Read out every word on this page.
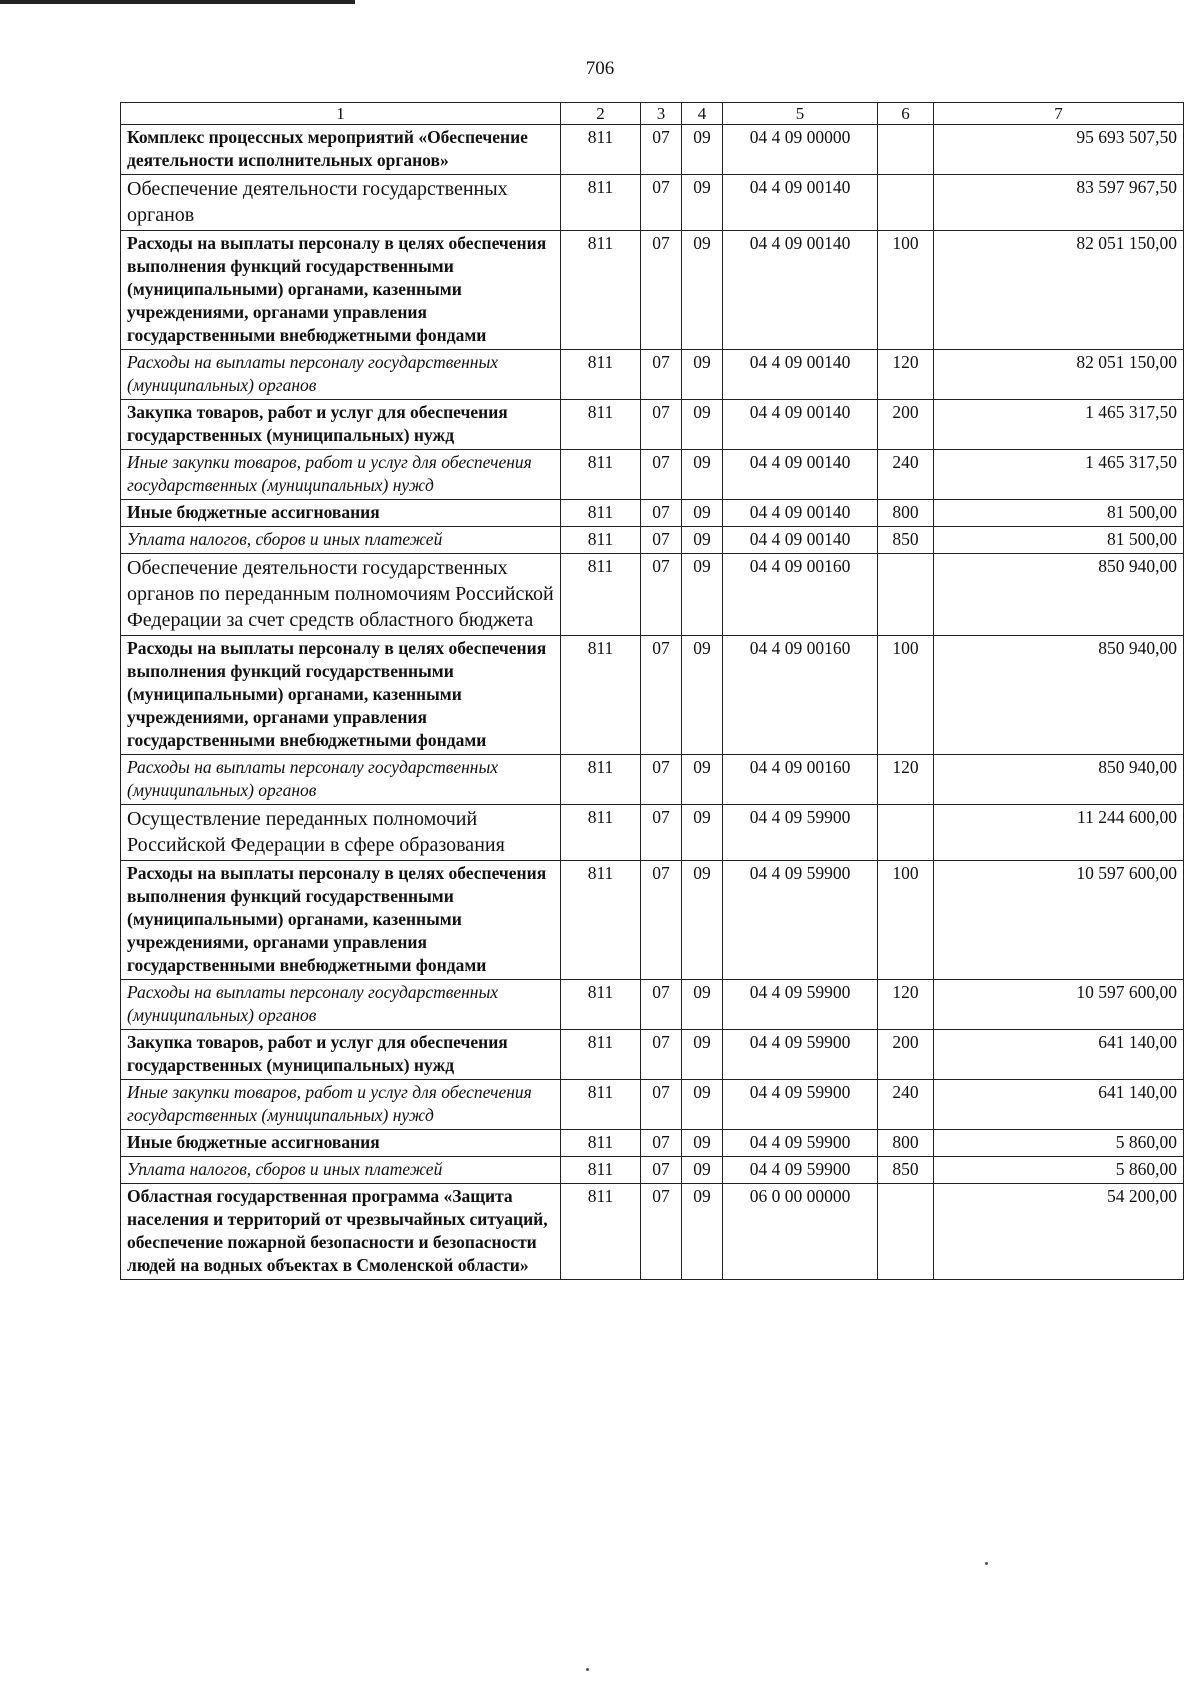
706
1	2	3	4	5	6	7
Комплекс процессных мероприятий «Обеспечение деятельности исполнительных органов»	811	07	09	04 4 09 00000		95 693 507,50
Обеспечение деятельности государственных органов	811	07	09	04 4 09 00140		83 597 967,50
Расходы на выплаты персоналу в целях обеспечения выполнения функций государственными (муниципальными) органами, казенными учреждениями, органами управления государственными внебюджетными фондами	811	07	09	04 4 09 00140	100	82 051 150,00
Расходы на выплаты персоналу государственных (муниципальных) органов	811	07	09	04 4 09 00140	120	82 051 150,00
Закупка товаров, работ и услуг для обеспечения государственных (муниципальных) нужд	811	07	09	04 4 09 00140	200	1 465 317,50
Иные закупки товаров, работ и услуг для обеспечения государственных (муниципальных) нужд	811	07	09	04 4 09 00140	240	1 465 317,50
Иные бюджетные ассигнования	811	07	09	04 4 09 00140	800	81 500,00
Уплата налогов, сборов и иных платежей	811	07	09	04 4 09 00140	850	81 500,00
Обеспечение деятельности государственных органов по переданным полномочиям Российской Федерации за счет средств областного бюджета	811	07	09	04 4 09 00160		850 940,00
Расходы на выплаты персоналу в целях обеспечения выполнения функций государственными (муниципальными) органами, казенными учреждениями, органами управления государственными внебюджетными фондами	811	07	09	04 4 09 00160	100	850 940,00
Расходы на выплаты персоналу государственных (муниципальных) органов	811	07	09	04 4 09 00160	120	850 940,00
Осуществление переданных полномочий Российской Федерации в сфере образования	811	07	09	04 4 09 59900		11 244 600,00
Расходы на выплаты персоналу в целях обеспечения выполнения функций государственными (муниципальными) органами, казенными учреждениями, органами управления государственными внебюджетными фондами	811	07	09	04 4 09 59900	100	10 597 600,00
Расходы на выплаты персоналу государственных (муниципальных) органов	811	07	09	04 4 09 59900	120	10 597 600,00
Закупка товаров, работ и услуг для обеспечения государственных (муниципальных) нужд	811	07	09	04 4 09 59900	200	641 140,00
Иные закупки товаров, работ и услуг для обеспечения государственных (муниципальных) нужд	811	07	09	04 4 09 59900	240	641 140,00
Иные бюджетные ассигнования	811	07	09	04 4 09 59900	800	5 860,00
Уплата налогов, сборов и иных платежей	811	07	09	04 4 09 59900	850	5 860,00
Областная государственная программа «Защита населения и территорий от чрезвычайных ситуаций, обеспечение пожарной безопасности и безопасности людей на водных объектах в Смоленской области»	811	07	09	06 0 00 00000		54 200,00
